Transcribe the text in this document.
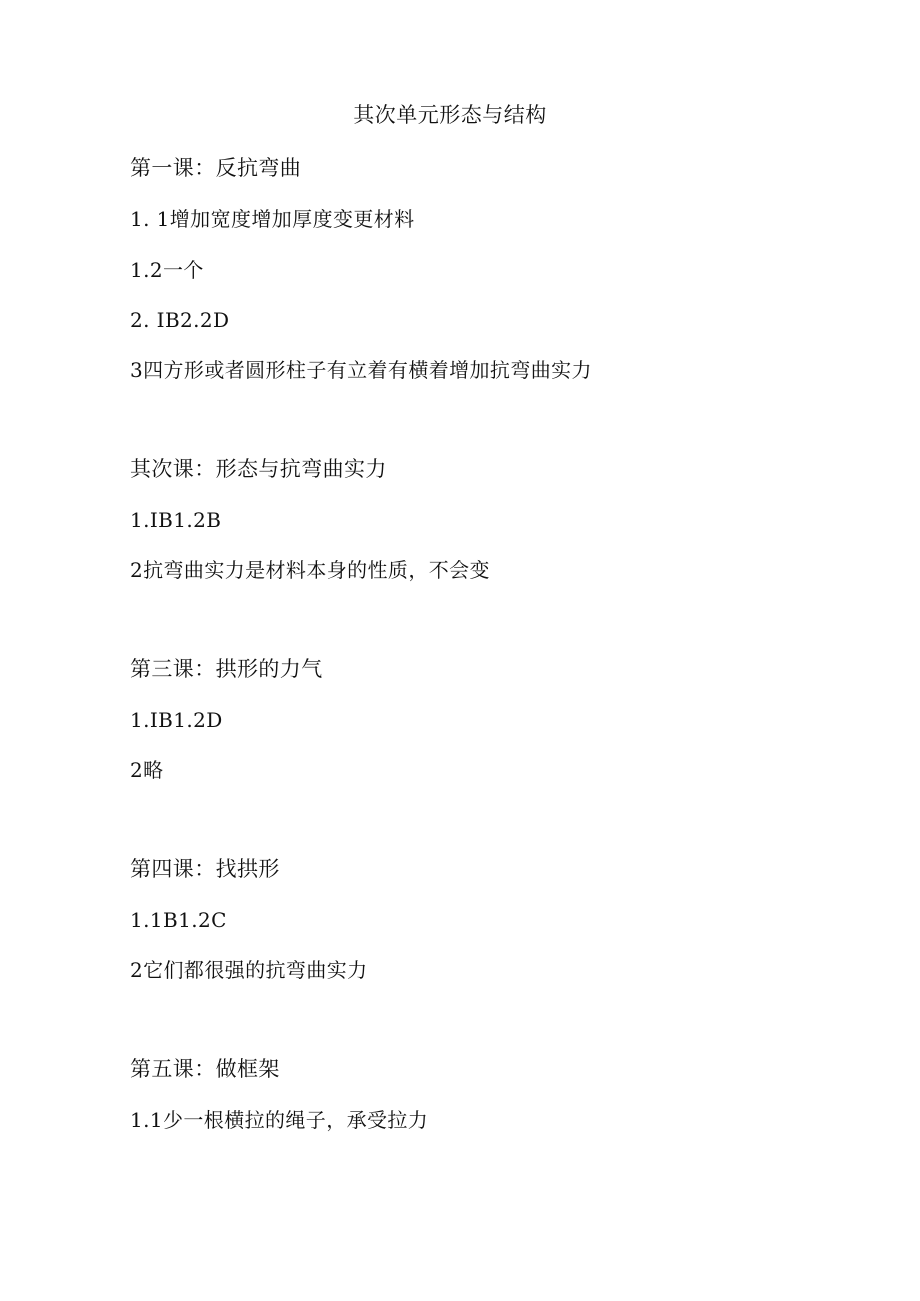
其次单元形态与结构
第一课：反抗弯曲
1. 1增加宽度增加厚度变更材料
1.2一个
2. IB2.2D
3四方形或者圆形柱子有立着有横着增加抗弯曲实力
其次课：形态与抗弯曲实力
1.IB1.2B
2抗弯曲实力是材料本身的性质，不会变
第三课：拱形的力气
1.IB1.2D
2略
第四课：找拱形
1.1B1.2C
2它们都很强的抗弯曲实力
第五课：做框架
1.1少一根横拉的绳子，承受拉力
